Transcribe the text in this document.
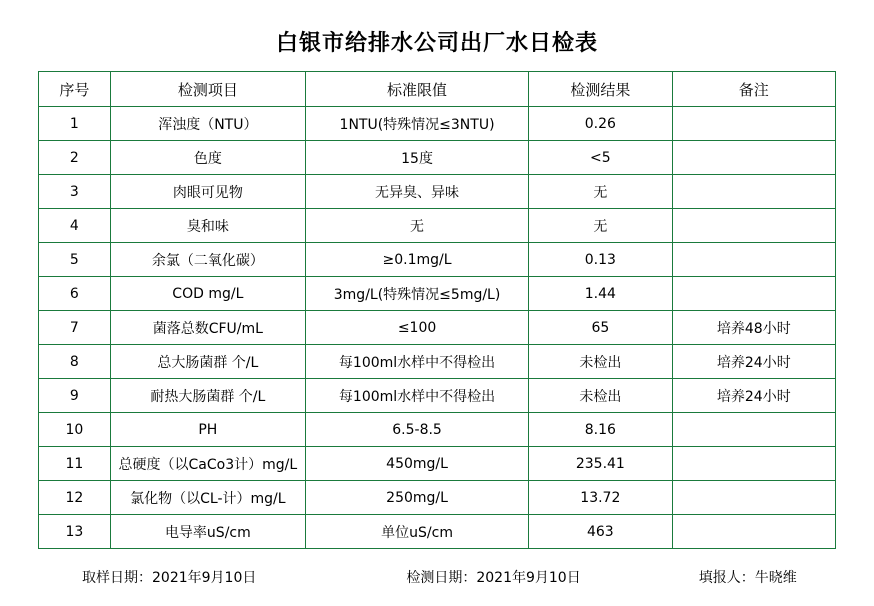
白银市给排水公司出厂水日检表
序号	检测项目	标准限值	检测结果	备注
1	浑浊度（NTU）	1NTU(特殊情况≤3NTU)	0.26	
2	色度	15度	<5	
3	肉眼可见物	无异臭、异味	无	
4	臭和味	无	无	
5	余氯（二氧化碳）	≥0.1mg/L	0.13	
6	COD mg/L	3mg/L(特殊情况≤5mg/L)	1.44	
7	菌落总数CFU/mL	≤100	65	培养48小时
8	总大肠菌群 个/L	每100ml水样中不得检出	未检出	培养24小时
9	耐热大肠菌群 个/L	每100ml水样中不得检出	未检出	培养24小时
10	PH	6.5-8.5	8.16	
11	总硬度（以CaCo3计）mg/L	450mg/L	235.41	
12	氯化物（以CL-计）mg/L	250mg/L	13.72	
13	电导率uS/cm	单位uS/cm	463	
取样日期： 2021年9月10日	检测日期： 2021年9月10日	填报人： 牛晓维
